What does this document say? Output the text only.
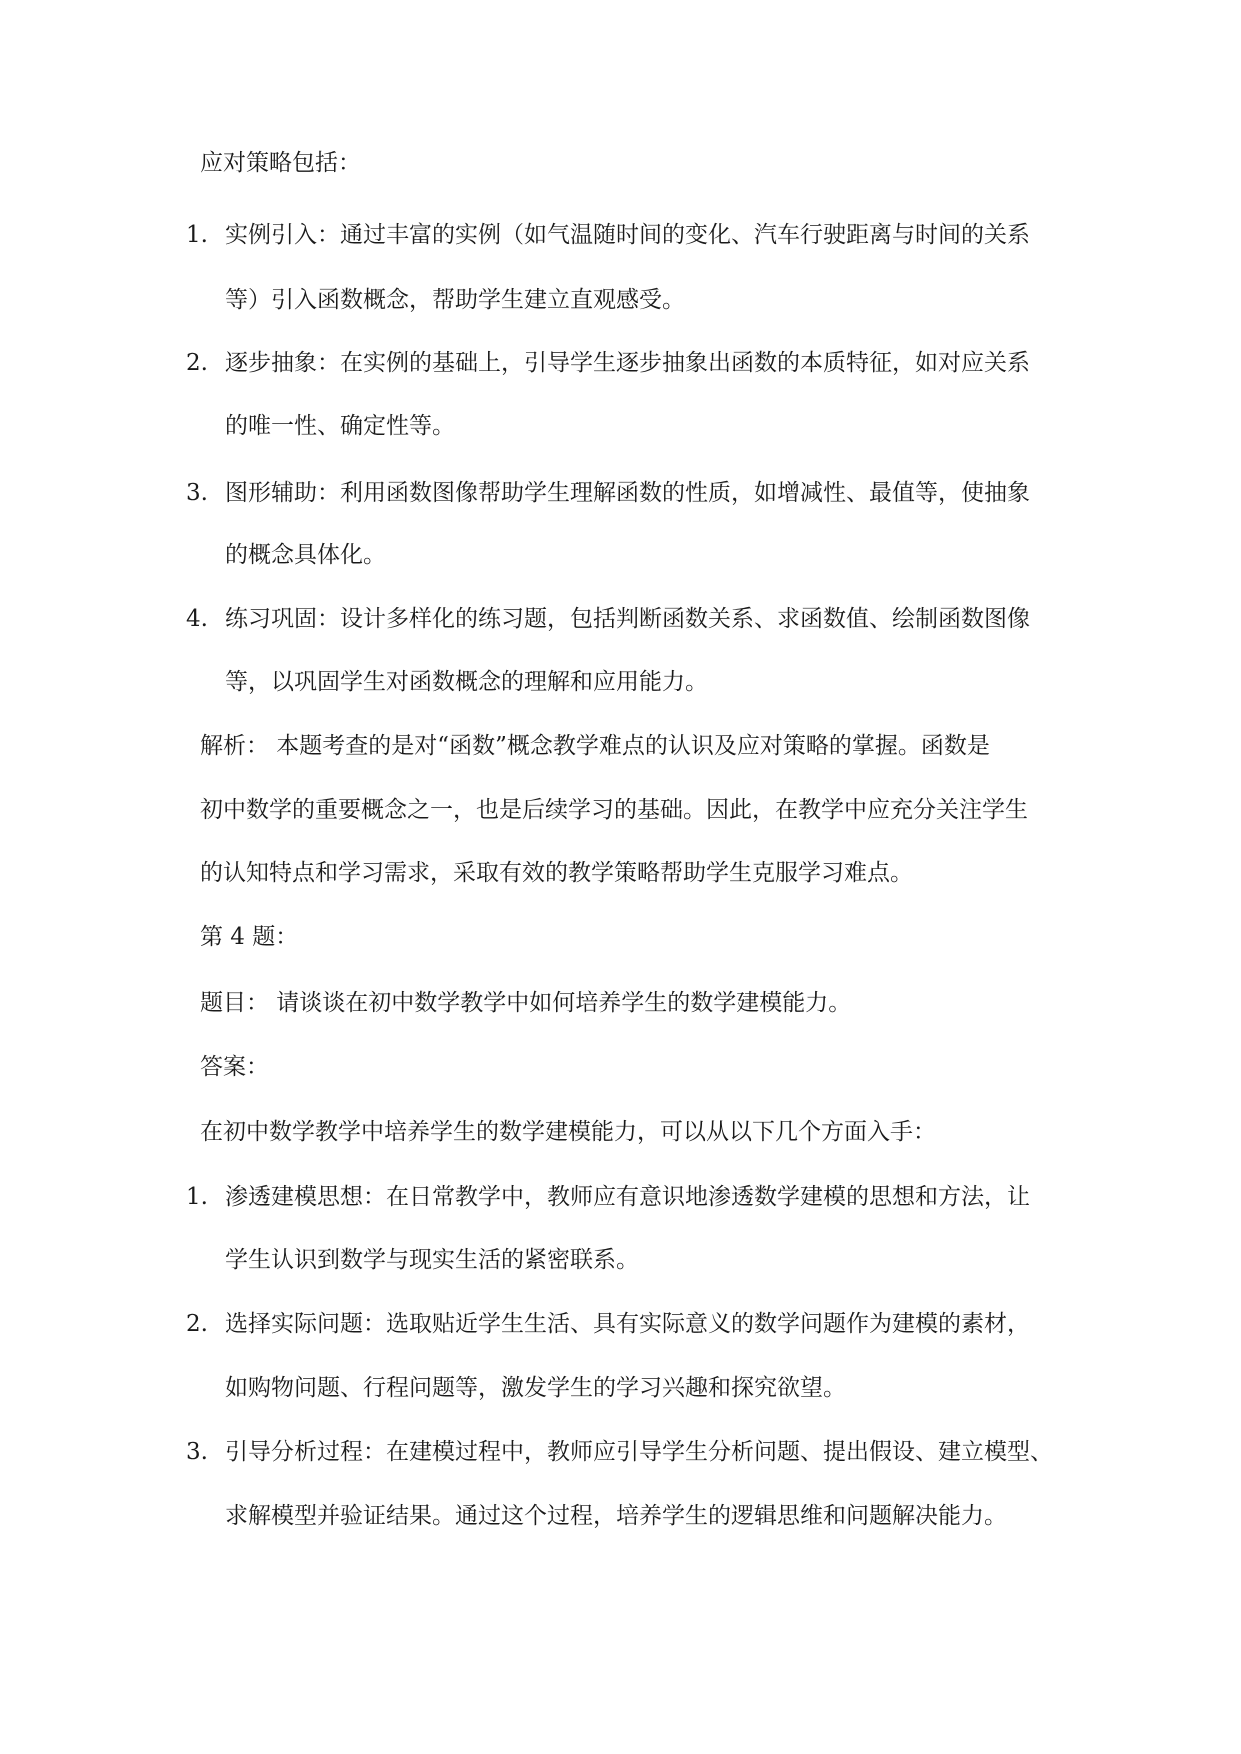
应对策略包括：
1. 实例引入：通过丰富的实例（如气温随时间的变化、汽车行驶距离与时间的关系
等）引入函数概念，帮助学生建立直观感受。
2. 逐步抽象：在实例的基础上，引导学生逐步抽象出函数的本质特征，如对应关系
的唯一性、确定性等。
3. 图形辅助：利用函数图像帮助学生理解函数的性质，如增减性、最值等，使抽象
的概念具体化。
4. 练习巩固：设计多样化的练习题，包括判断函数关系、求函数值、绘制函数图像
等，以巩固学生对函数概念的理解和应用能力。
解析： 本题考查的是对“函数”概念教学难点的认识及应对策略的掌握。函数是
初中数学的重要概念之一，也是后续学习的基础。因此，在教学中应充分关注学生
的认知特点和学习需求，采取有效的教学策略帮助学生克服学习难点。
第 4 题：
题目： 请谈谈在初中数学教学中如何培养学生的数学建模能力。
答案：
在初中数学教学中培养学生的数学建模能力，可以从以下几个方面入手：
1. 渗透建模思想：在日常教学中，教师应有意识地渗透数学建模的思想和方法，让
学生认识到数学与现实生活的紧密联系。
2. 选择实际问题：选取贴近学生生活、具有实际意义的数学问题作为建模的素材，
如购物问题、行程问题等，激发学生的学习兴趣和探究欲望。
3. 引导分析过程：在建模过程中，教师应引导学生分析问题、提出假设、建立模型、
求解模型并验证结果。通过这个过程，培养学生的逻辑思维和问题解决能力。
